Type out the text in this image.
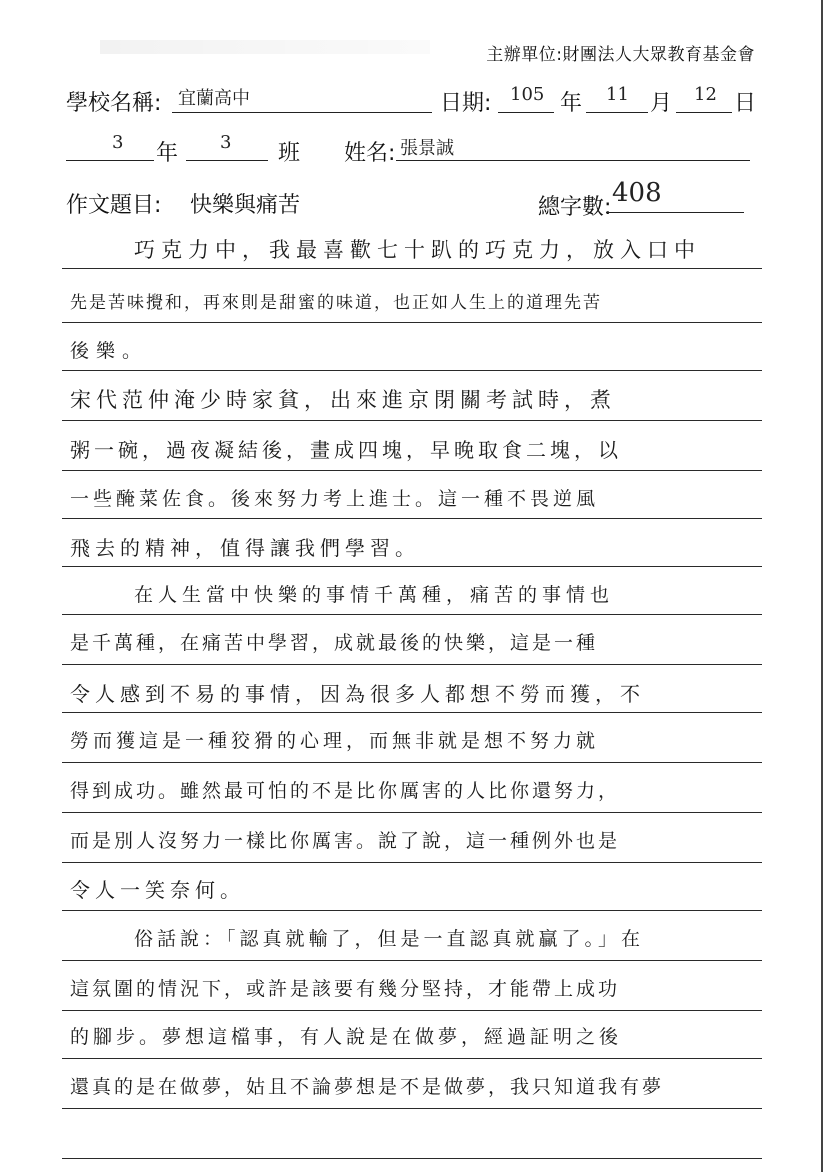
主辦單位:財團法人大眾教育基金會
學校名稱: 宜蘭高中	日期: 105 年 11 月 12 日
3 年 3 班 姓名: 張景誠
作文題目: 快樂與痛苦	總字數: 408
巧克力中，我最喜歡七十趴的巧克力，放入口中
先是苦味攪和，再來則是甜蜜的味道，也正如人生上的道理先苦
後樂。
宋代范仲淹少時家貧，出來進京閉關考試時，煮
粥一碗，過夜凝結後，畫成四塊，早晚取食二塊，以
一些醃菜佐食。後來努力考上進士。這一種不畏逆風
飛去的精神，值得讓我們學習。
在人生當中快樂的事情千萬種，痛苦的事情也
是千萬種，在痛苦中學習，成就最後的快樂，這是一種
令人感到不易的事情，因為很多人都想不勞而獲，不
勞而獲這是一種狡猾的心理，而無非就是想不努力就
得到成功。雖然最可怕的不是比你厲害的人比你還努力，
而是別人沒努力一樣比你厲害。說了說，這一種例外也是
令人一笑奈何。
俗話說：「認真就輸了，但是一直認真就贏了。」在
這氛圍的情況下，或許是該要有幾分堅持，才能帶上成功
的腳步。夢想這檔事，有人說是在做夢，經過証明之後
還真的是在做夢，姑且不論夢想是不是做夢，我只知道我有夢
